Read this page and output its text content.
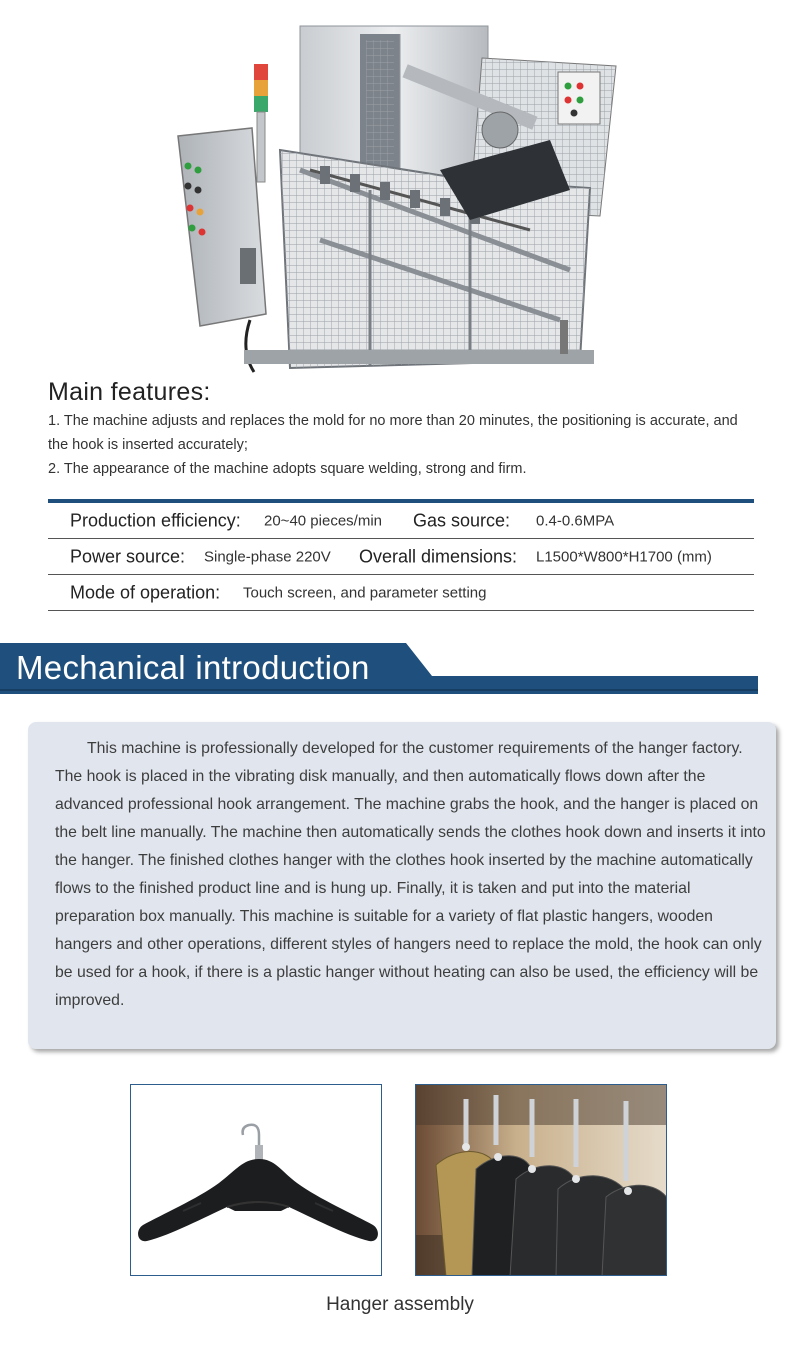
Main features:

1. The machine adjusts and replaces the mold for no more than 20 minutes, the positioning is accurate, and the hook is inserted accurately;

2. The appearance of the machine adopts square welding, strong and firm.

Production efficiency: 20~40 pieces/min Gas source: 0.4-0.6MPA
Power source: Single-phase 220V Overall dimensions: L1500*W800*H1700 (mm)
Mode of operation: Touch screen, and parameter setting
Mechanical introduction

This machine is professionally developed for the customer requirements of the hanger factory. The hook is placed in the vibrating disk manually, and then automatically flows down after the advanced professional hook arrangement. The machine grabs the hook, and the hanger is placed on the belt line manually. The machine then automatically sends the clothes hook down and inserts it into the hanger. The finished clothes hanger with the clothes hook inserted by the machine automatically flows to the finished product line and is hung up. Finally, it is taken and put into the material preparation box manually. This machine is suitable for a variety of flat plastic hangers, wooden hangers and other operations, different styles of hangers need to replace the mold, the hook can only be used for a hook, if there is a plastic hanger without heating can also be used, the efficiency will be improved.

Hanger assembly
